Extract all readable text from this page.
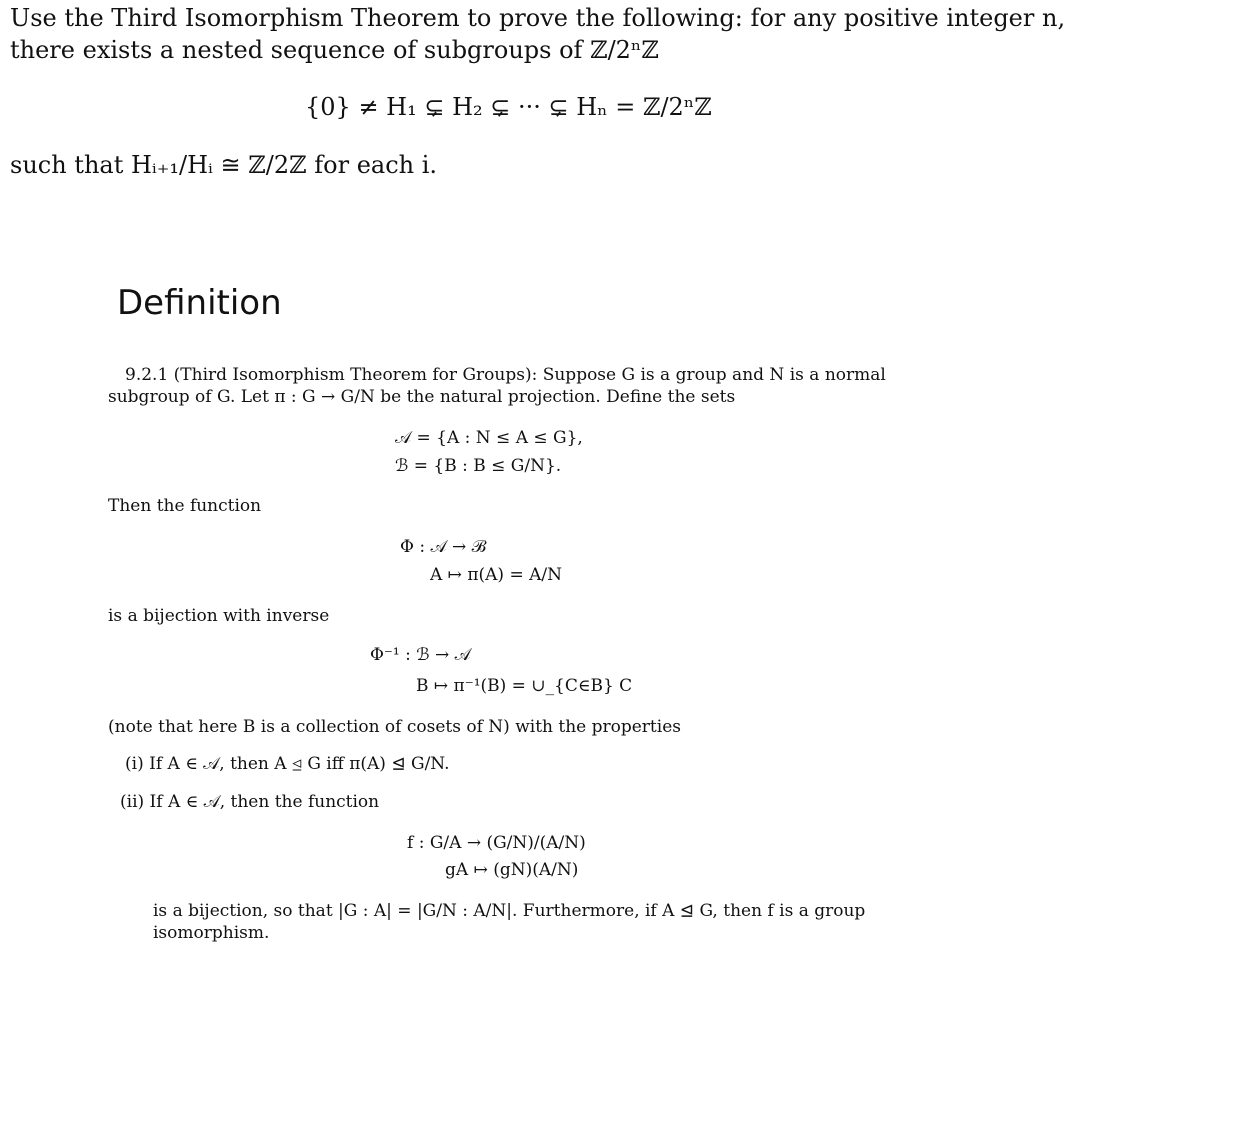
Use the Third Isomorphism Theorem to prove the following: for any positive integer n,
there exists a nested sequence of subgroups of ℤ/2ⁿℤ
{0} ≠ H₁ ⊊ H₂ ⊊ ··· ⊊ Hₙ = ℤ/2ⁿℤ
such that Hᵢ₊₁/Hᵢ ≅ ℤ/2ℤ for each i.
Definition
9.2.1 (Third Isomorphism Theorem for Groups): Suppose G is a group and N is a normal
subgroup of G. Let π : G → G/N be the natural projection. Define the sets
𝒜 = {A : N ≤ A ≤ G},
ℬ = {B : B ≤ G/N}.
Then the function
Φ : 𝒜 → ℬ
A ↦ π(A) = A/N
is a bijection with inverse
Φ⁻¹ : ℬ → 𝒜
B ↦ π⁻¹(B) = ∪_{C∈B} C
(note that here B is a collection of cosets of N) with the properties
(i) If A ∈ 𝒜, then A ⊴ G iff π(A) ⊴ G/N.
(ii) If A ∈ 𝒜, then the function
f : G/A → (G/N)/(A/N)
gA ↦ (gN)(A/N)
is a bijection, so that |G : A| = |G/N : A/N|. Furthermore, if A ⊴ G, then f is a group
isomorphism.
